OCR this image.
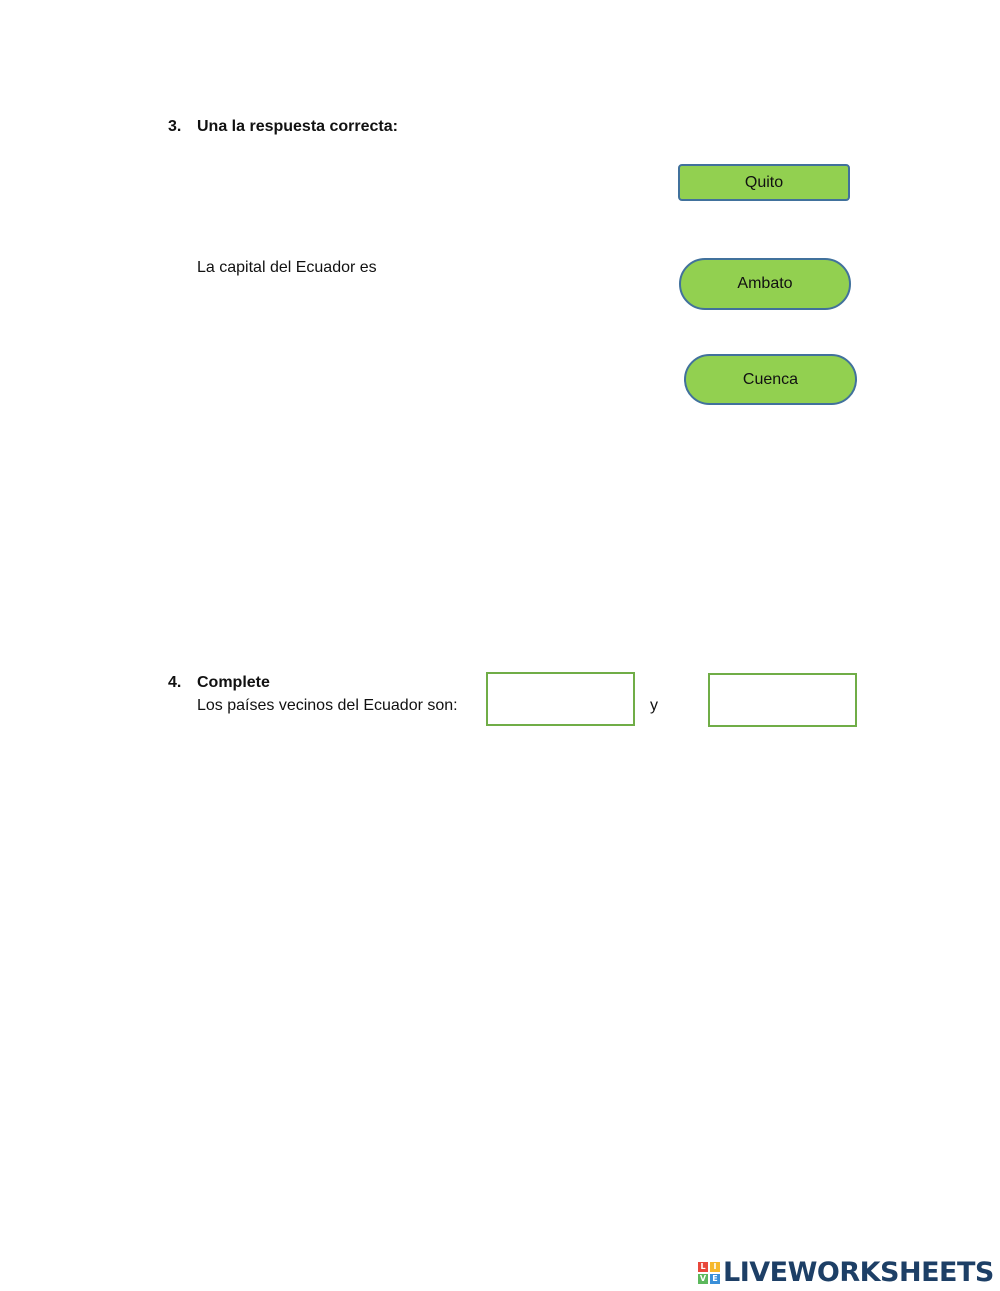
3. Una la respuesta correcta:
La capital del Ecuador es
Quito
Ambato
Cuenca
4. Complete
Los países vecinos del Ecuador son:	y
L I
V E LIVEWORKSHEETS
